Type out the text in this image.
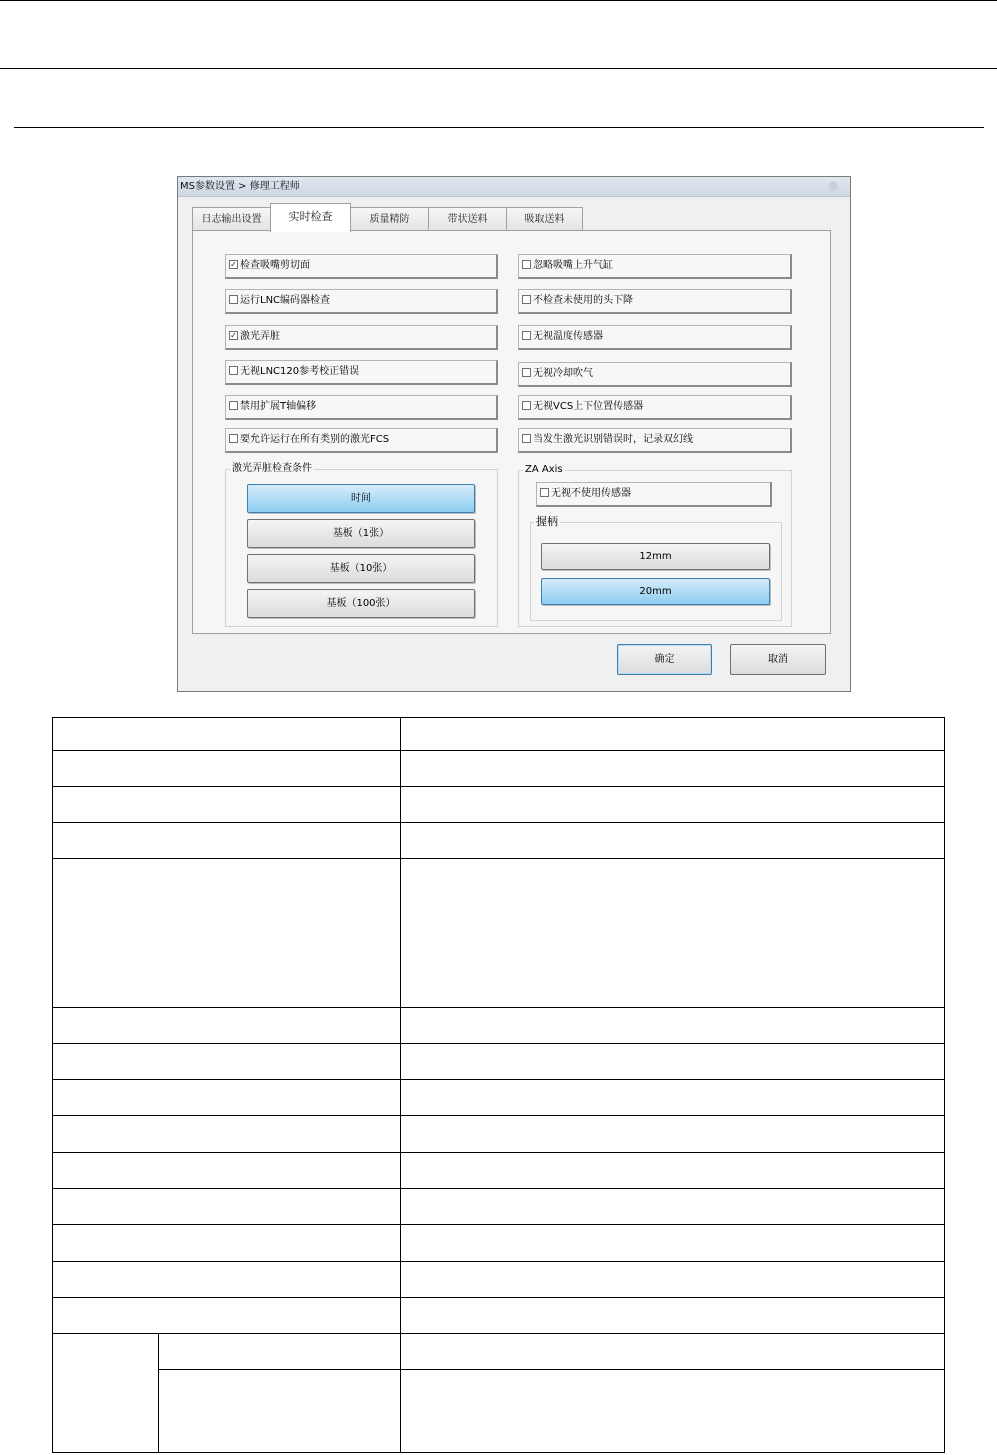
MS参数设置 > 修理工程师
日志输出设置	实时检查	质量精防	带状送料	吸取送料
✓ 检查吸嘴剪切面
运行LNC编码器检查
✓ 激光弄脏
无视LNC120参考校正错误
禁用扩展T轴偏移
要允许运行在所有类别的激光FCS
忽略吸嘴上升气缸
不检查未使用的头下降
无视温度传感器
无视冷却吹气
无视VCS上下位置传感器
当发生激光识别错误时，记录双幻线
激光弄脏检查条件
时间
基板（1张）
基板（10张）
基板（100张）
ZA Axis
无视不使用传感器
握柄
12mm
20mm
确定	取消
